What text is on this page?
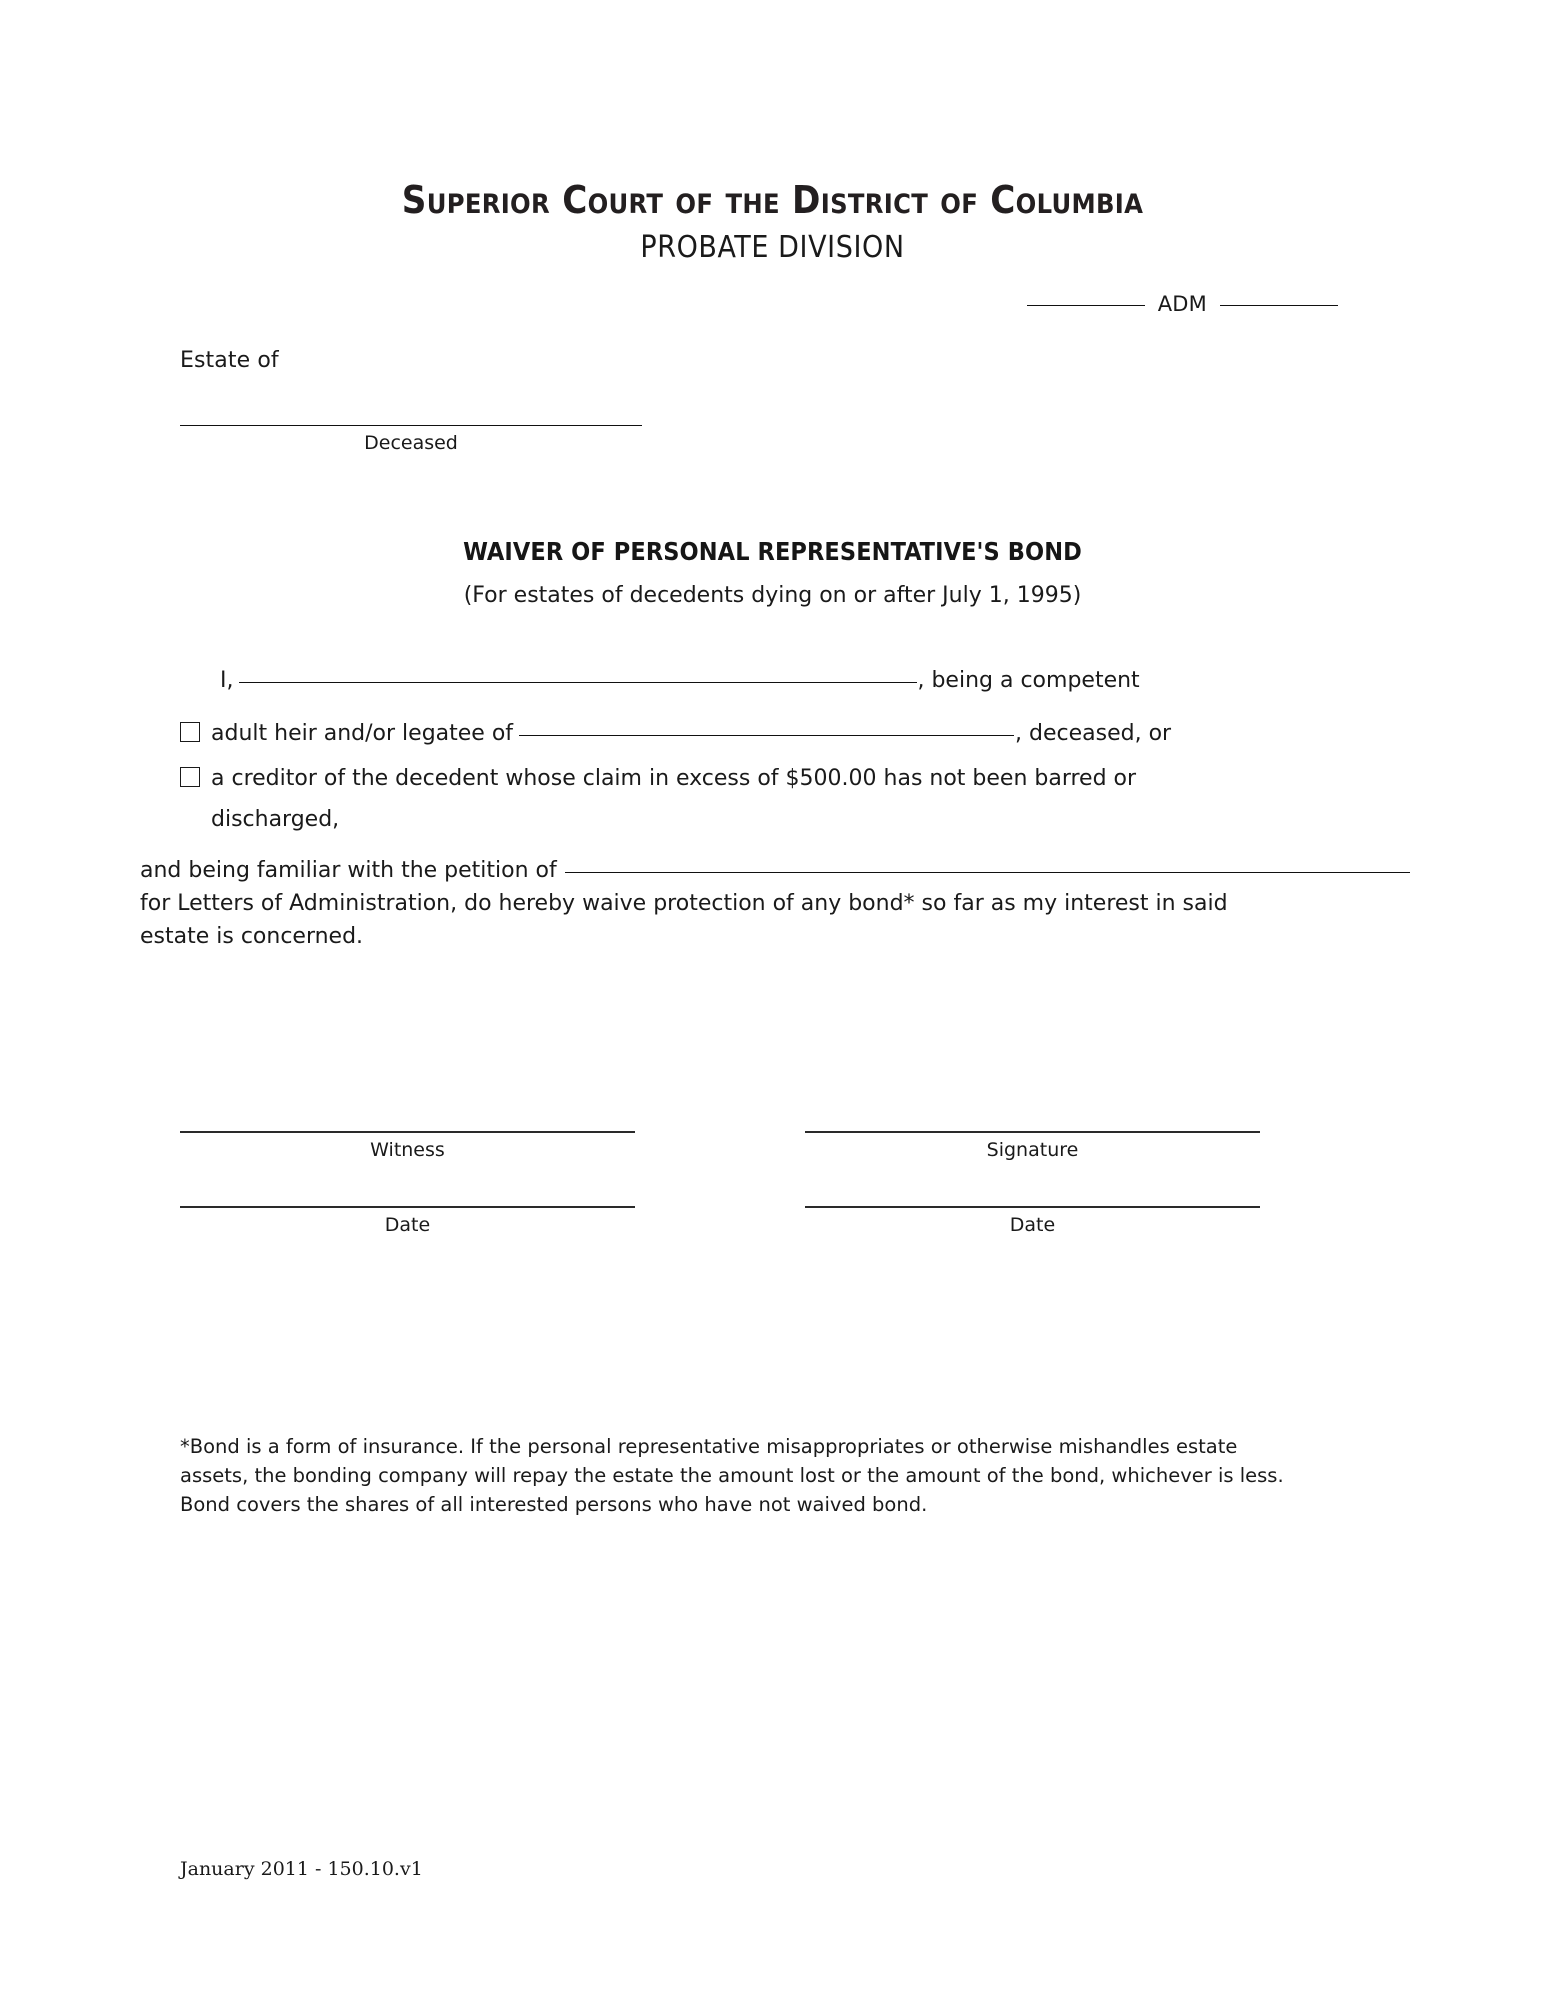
Superior Court of the District of Columbia
PROBATE DIVISION
ADM
Estate of
Deceased
WAIVER OF PERSONAL REPRESENTATIVE'S BOND
(For estates of decedents dying on or after July 1, 1995)
I,	, being a competent
adult heir and/or legatee of	, deceased, or
a creditor of the decedent whose claim in excess of $500.00 has not been barred or discharged,
and being familiar with the petition of
for Letters of Administration, do hereby waive protection of any bond* so far as my interest in said
estate is concerned.
Witness	Signature
Date	Date
*Bond is a form of insurance. If the personal representative misappropriates or otherwise mishandles estate
assets, the bonding company will repay the estate the amount lost or the amount of the bond, whichever is less.
Bond covers the shares of all interested persons who have not waived bond.
January 2011 - 150.10.v1
